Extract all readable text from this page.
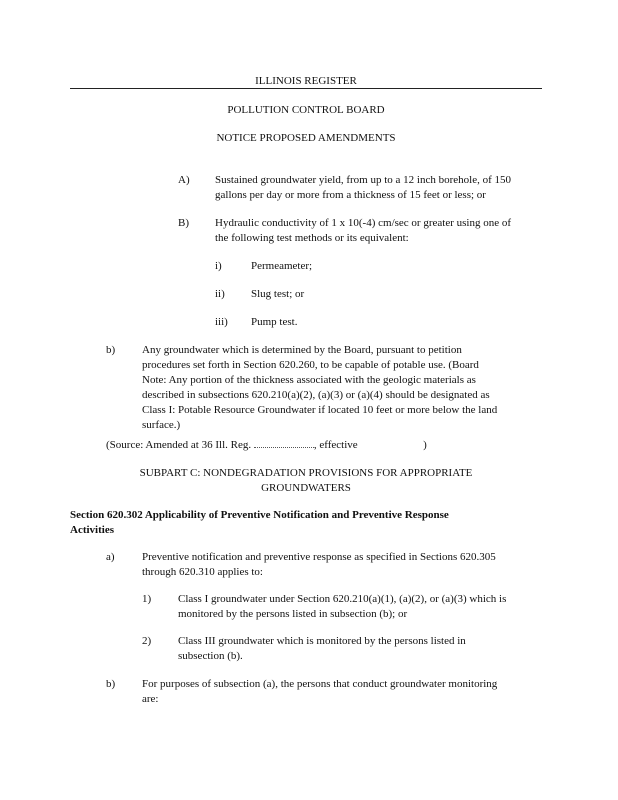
ILLINOIS REGISTER
POLLUTION CONTROL BOARD
NOTICE PROPOSED AMENDMENTS
A) Sustained groundwater yield, from up to a 12 inch borehole, of 150
gallons per day or more from a thickness of 15 feet or less; or
B) Hydraulic conductivity of 1 x 10(-4) cm/sec or greater using one of
the following test methods or its equivalent:
i)	Permeameter;
ii) Slug test; or
iii) Pump test.
b) Any groundwater which is determined by the Board, pursuant to petition
procedures set forth in Section 620.260, to be capable of potable use. (Board
Note: Any portion of the thickness associated with the geologic materials as
described in subsections 620.210(a)(2), (a)(3) or (a)(4) should be designated as
Class I: Potable Resource Groundwater if located 10 feet or more below the land
surface.)
(Source: Amended at 36 Ill. Reg.	, effective	)
SUBPART C: NONDEGRADATION PROVISIONS FOR APPROPRIATE
GROUNDWATERS
Section 620.302 Applicability of Preventive Notification and Preventive Response
Activities
a) Preventive notification and preventive response as specified in Sections 620.305
through 620.310 applies to:
1) Class I groundwater under Section 620.210(a)(1), (a)(2), or (a)(3) which is
monitored by the persons listed in subsection (b); or
2) Class III groundwater which is monitored by the persons listed in
subsection (b).
b) For purposes of subsection (a), the persons that conduct groundwater monitoring
are:
